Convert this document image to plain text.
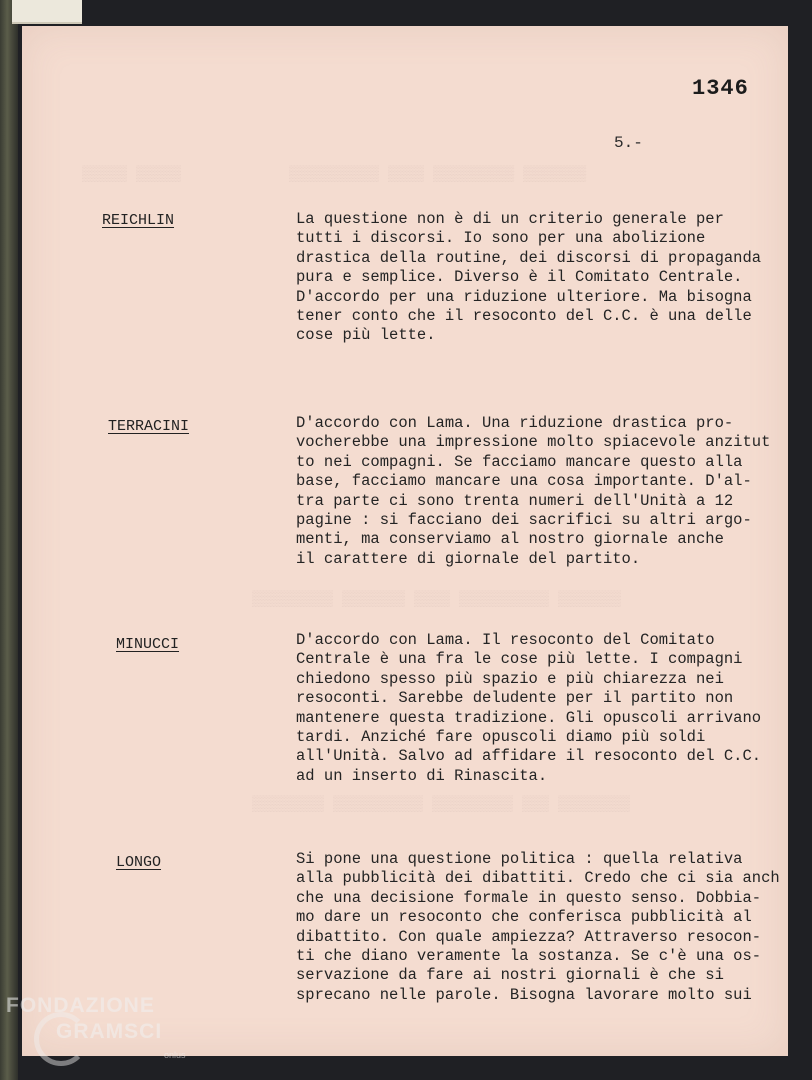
▒▒▒▒▒ ▒▒▒▒▒            ▒▒▒▒▒▒▒▒▒▒ ▒▒▒▒ ▒▒▒▒▒▒▒▒▒ ▒▒▒▒▒▒▒
▒▒▒▒▒▒▒▒▒ ▒▒▒▒▒▒▒ ▒▒▒▒ ▒▒▒▒▒▒▒▒▒▒ ▒▒▒▒▒▒▒
▒▒▒▒▒▒▒▒ ▒▒▒▒▒▒▒▒▒▒ ▒▒▒▒▒▒▒▒▒ ▒▒▒ ▒▒▒▒▒▒▒▒
1346
5.-
REICHLIN	La questione non è di un criterio generale per
tutti i discorsi. Io sono per una abolizione
drastica della routine, dei discorsi di propaganda
pura e semplice. Diverso è il Comitato Centrale.
D'accordo per una riduzione ulteriore. Ma bisogna
tener conto che il resoconto del C.C. è una delle
cose più lette.

TERRACINI	D'accordo con Lama. Una riduzione drastica pro-
vocherebbe una impressione molto spiacevole anzitut
to nei compagni. Se facciamo mancare questo alla
base, facciamo mancare una cosa importante. D'al-
tra parte ci sono trenta numeri dell'Unità a 12
pagine : si facciano dei sacrifici su altri argo-
menti, ma conserviamo al nostro giornale anche
il carattere di giornale del partito.

MINUCCI	D'accordo con Lama. Il resoconto del Comitato
Centrale è una fra le cose più lette. I compagni
chiedono spesso più spazio e più chiarezza nei
resoconti. Sarebbe deludente per il partito non
mantenere questa tradizione. Gli opuscoli arrivano
tardi. Anziché fare opuscoli diamo più soldi
all'Unità. Salvo ad affidare il resoconto del C.C.
ad un inserto di Rinascita.

LONGO	Si pone una questione politica : quella relativa
alla pubblicità dei dibattiti. Credo che ci sia anch
che una decisione formale in questo senso. Dobbia-
mo dare un resoconto che conferisca pubblicità al
dibattito. Con quale ampiezza? Attraverso resocon-
ti che diano veramente la sostanza. Se c'è una os-
servazione da fare ai nostri giornali è che si
sprecano nelle parole. Bisogna lavorare molto sui

FONDAZIONE
GRAMSCI
onlus
